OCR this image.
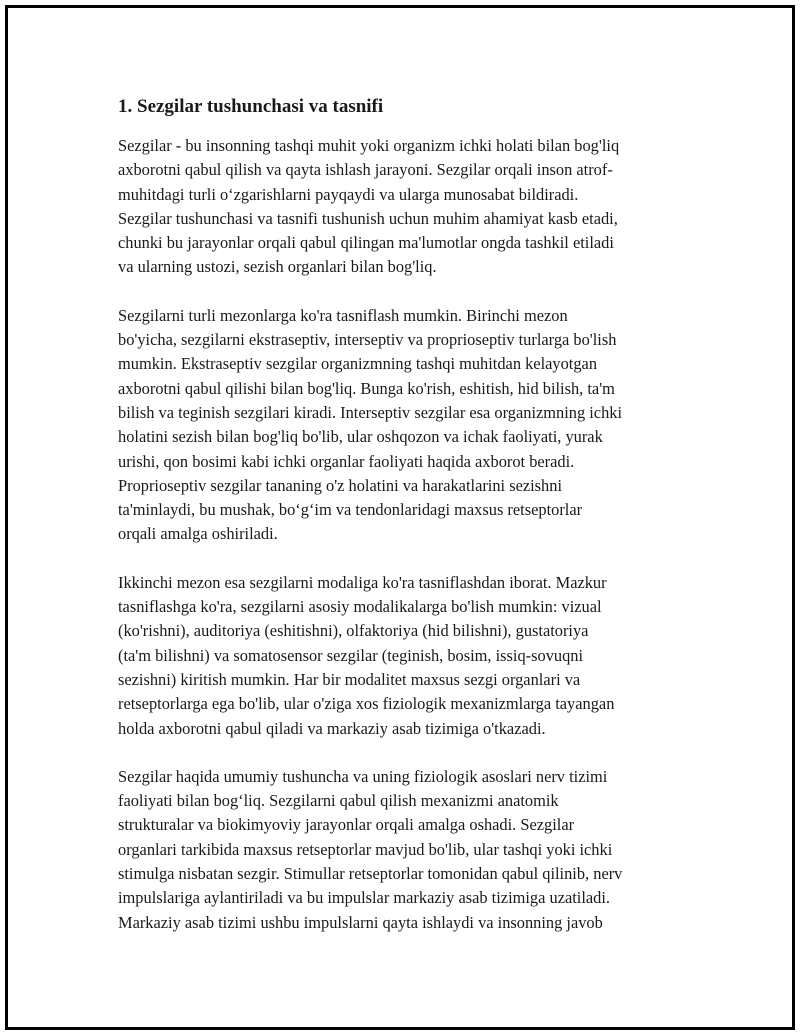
1. Sezgilar tushunchasi va tasnifi

Sezgilar - bu insonning tashqi muhit yoki organizm ichki holati bilan bog'liq
axborotni qabul qilish va qayta ishlash jarayoni. Sezgilar orqali inson atrof-
muhitdagi turli oʻzgarishlarni payqaydi va ularga munosabat bildiradi.
Sezgilar tushunchasi va tasnifi tushunish uchun muhim ahamiyat kasb etadi,
chunki bu jarayonlar orqali qabul qilingan ma'lumotlar ongda tashkil etiladi
va ularning ustozi, sezish organlari bilan bog'liq.

Sezgilarni turli mezonlarga ko'ra tasniflash mumkin. Birinchi mezon
bo'yicha, sezgilarni ekstraseptiv, interseptiv va proprioseptiv turlarga bo'lish
mumkin. Ekstraseptiv sezgilar organizmning tashqi muhitdan kelayotgan
axborotni qabul qilishi bilan bog'liq. Bunga ko'rish, eshitish, hid bilish, ta'm
bilish va teginish sezgilari kiradi. Interseptiv sezgilar esa organizmning ichki
holatini sezish bilan bog'liq bo'lib, ular oshqozon va ichak faoliyati, yurak
urishi, qon bosimi kabi ichki organlar faoliyati haqida axborot beradi.
Proprioseptiv sezgilar tananing o'z holatini va harakatlarini sezishni
ta'minlaydi, bu mushak, boʻgʻim va tendonlaridagi maxsus retseptorlar
orqali amalga oshiriladi.

Ikkinchi mezon esa sezgilarni modaliga ko'ra tasniflashdan iborat. Mazkur
tasniflashga ko'ra, sezgilarni asosiy modalikalarga bo'lish mumkin: vizual
(ko'rishni), auditoriya (eshitishni), olfaktoriya (hid bilishni), gustatoriya
(ta'm bilishni) va somatosensor sezgilar (teginish, bosim, issiq-sovuqni
sezishni) kiritish mumkin. Har bir modalitet maxsus sezgi organlari va
retseptorlarga ega bo'lib, ular o'ziga xos fiziologik mexanizmlarga tayangan
holda axborotni qabul qiladi va markaziy asab tizimiga o'tkazadi.

Sezgilar haqida umumiy tushuncha va uning fiziologik asoslari nerv tizimi
faoliyati bilan bogʻliq. Sezgilarni qabul qilish mexanizmi anatomik
strukturalar va biokimyoviy jarayonlar orqali amalga oshadi. Sezgilar
organlari tarkibida maxsus retseptorlar mavjud bo'lib, ular tashqi yoki ichki
stimulga nisbatan sezgir. Stimullar retseptorlar tomonidan qabul qilinib, nerv
impulslariga aylantiriladi va bu impulslar markaziy asab tizimiga uzatiladi.
Markaziy asab tizimi ushbu impulslarni qayta ishlaydi va insonning javob
